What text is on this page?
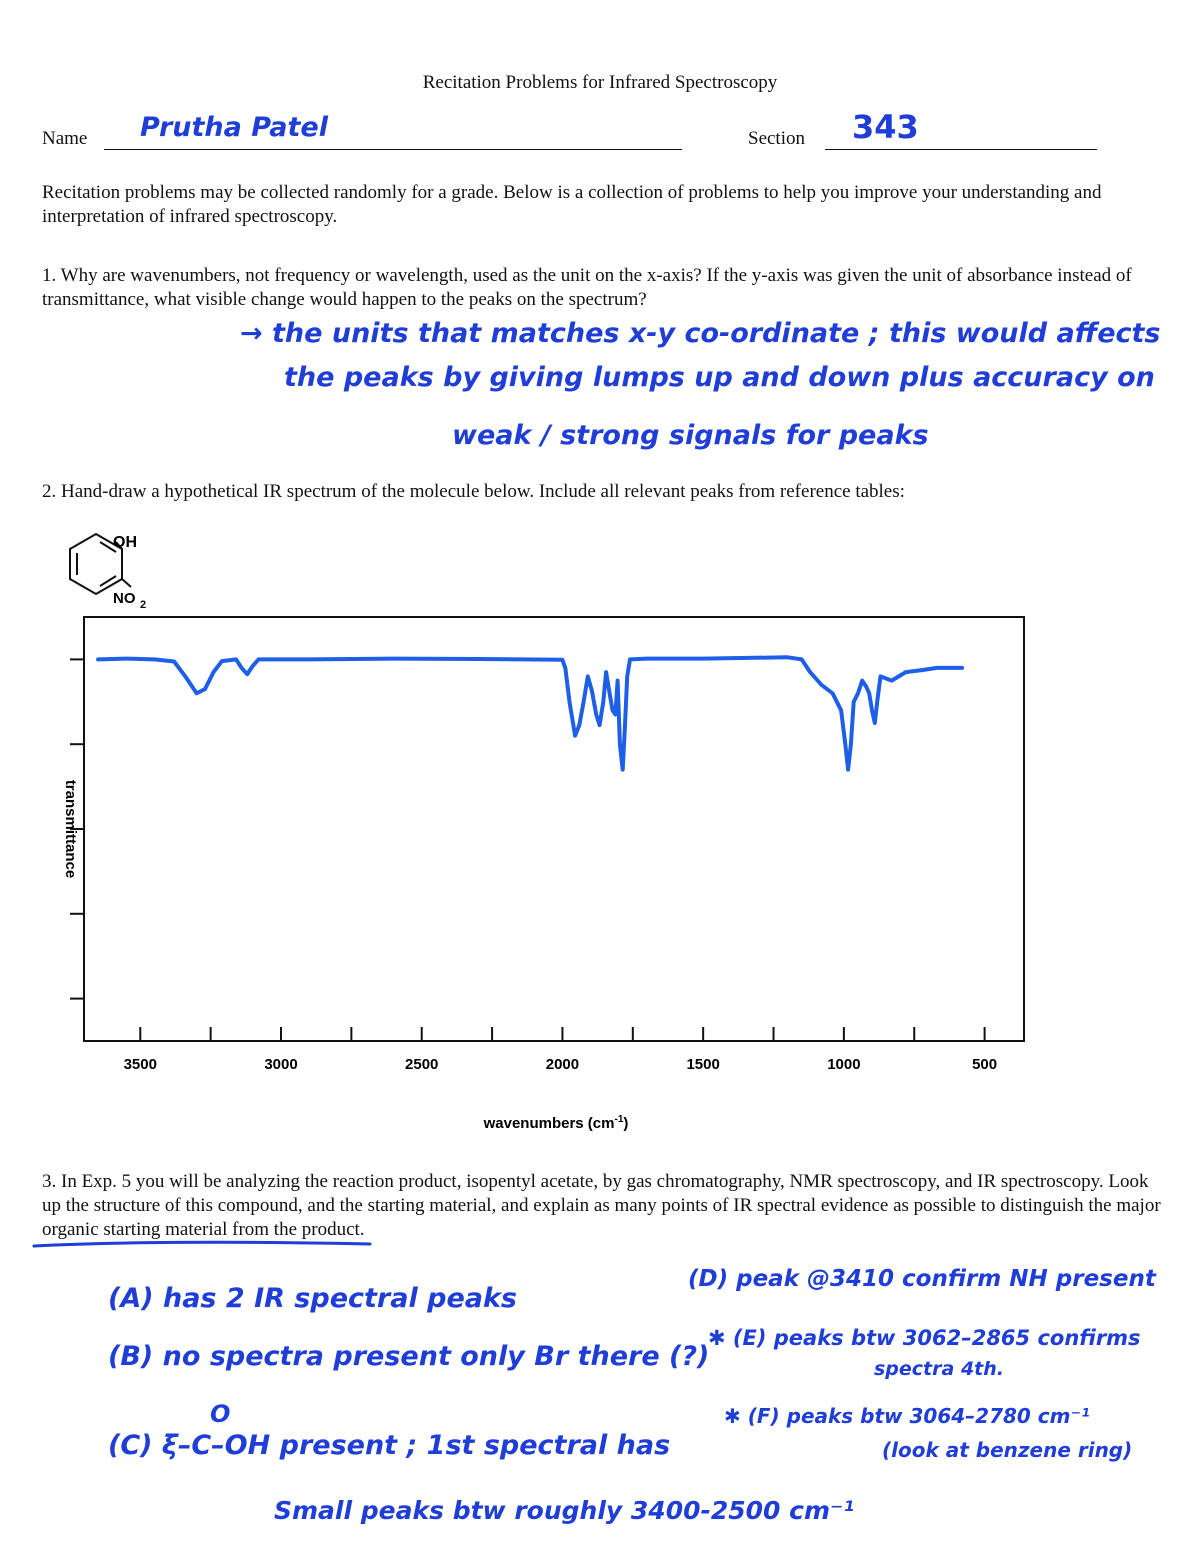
Recitation Problems for Infrared Spectroscopy
Name Prutha Patel	Section 343
Recitation problems may be collected randomly for a grade. Below is a collection of problems to help you improve your understanding and interpretation of infrared spectroscopy.
1. Why are wavenumbers, not frequency or wavelength, used as the unit on the x-axis? If the y-axis was given the unit of absorbance instead of transmittance, what visible change would happen to the peaks on the spectrum?
→ the units that matches x-y co-ordinate ; this would affects
the peaks by giving lumps up and down plus accuracy on
weak / strong signals for peaks
2. Hand-draw a hypothetical IR spectrum of the molecule below. Include all relevant peaks from reference tables:
OH
NO 2
3500	3000	2500	2000	1500	1000	500
transmittance
wavenumbers $(cm^{-1})$
3. In Exp. 5 you will be analyzing the reaction product, isopentyl acetate, by gas chromatography, NMR spectroscopy, and IR spectroscopy. Look up the structure of this compound, and the starting material, and explain as many points of IR spectral evidence as possible to distinguish the major organic starting material from the product.
(A) has 2 IR spectral peaks
(B) no spectra present only Br there (?)
O
(C) ξ–C–OH present ; 1st spectral has
Small peaks btw roughly 3400-2500 cm⁻¹
(D) peak @3410 confirm NH present
✱ (E) peaks btw 3062–2865 confirms
spectra 4th.
✱ (F) peaks btw 3064–2780 cm⁻¹
(look at benzene ring)
